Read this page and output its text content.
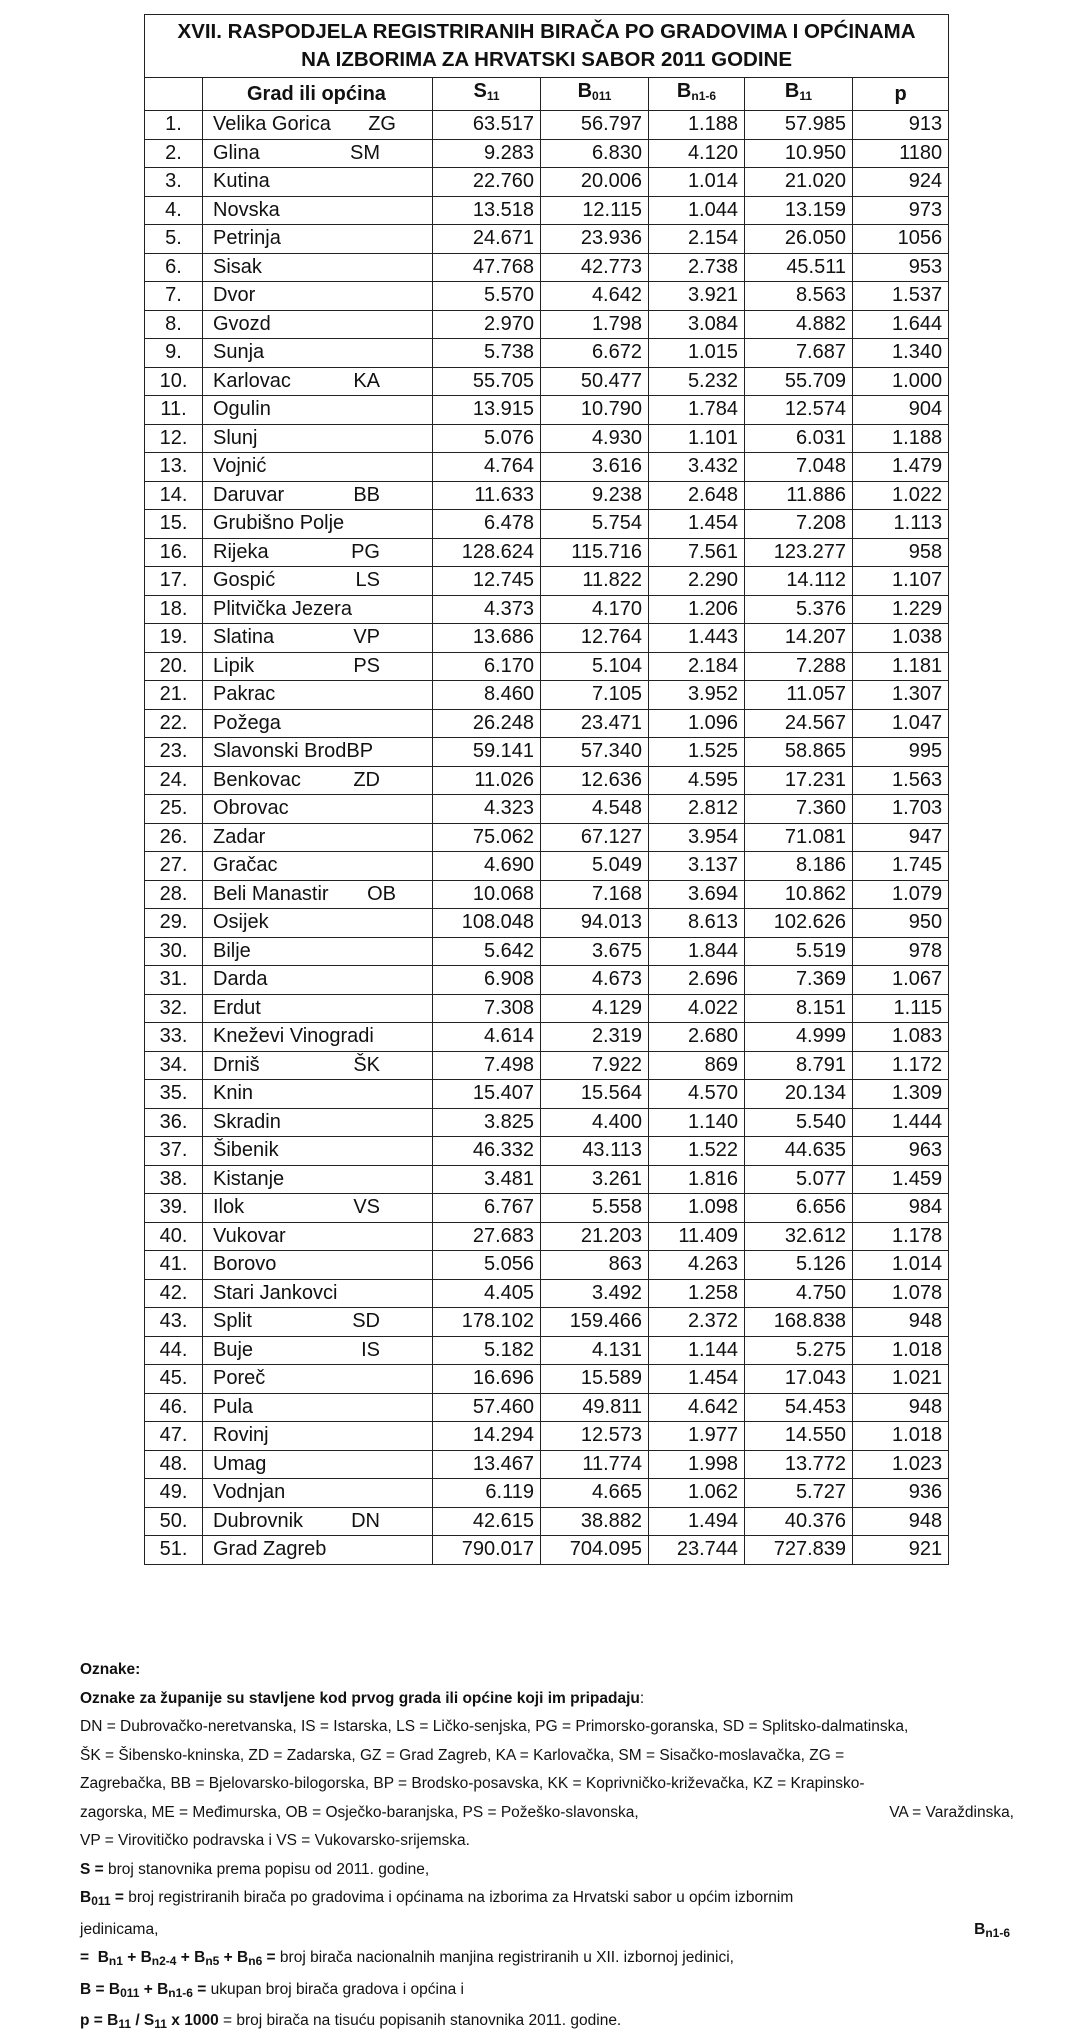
XVII. RASPODJELA REGISTRIRANIH BIRAČA PO GRADOVIMA I OPĆINAMA
NA IZBORIMA ZA HRVATSKI SABOR 2011 GODINE						
	Grad ili općina	$S_{11}$	$B_{011}$	$B_{n1-6}$	$B_{11}$	p
1.	Velika Gorica ZG	63.517	56.797	1.188	57.985	913
2.	Glina SM	9.283	6.830	4.120	10.950	1180
3.	Kutina	22.760	20.006	1.014	21.020	924
4.	Novska	13.518	12.115	1.044	13.159	973
5.	Petrinja	24.671	23.936	2.154	26.050	1056
6.	Sisak	47.768	42.773	2.738	45.511	953
7.	Dvor	5.570	4.642	3.921	8.563	1.537
8.	Gvozd	2.970	1.798	3.084	4.882	1.644
9.	Sunja	5.738	6.672	1.015	7.687	1.340
10.	Karlovac KA	55.705	50.477	5.232	55.709	1.000
11.	Ogulin	13.915	10.790	1.784	12.574	904
12.	Slunj	5.076	4.930	1.101	6.031	1.188
13.	Vojnić	4.764	3.616	3.432	7.048	1.479
14.	Daruvar BB	11.633	9.238	2.648	11.886	1.022
15.	Grubišno Polje	6.478	5.754	1.454	7.208	1.113
16.	Rijeka PG	128.624	115.716	7.561	123.277	958
17.	Gospić LS	12.745	11.822	2.290	14.112	1.107
18.	Plitvička Jezera	4.373	4.170	1.206	5.376	1.229
19.	Slatina VP	13.686	12.764	1.443	14.207	1.038
20.	Lipik PS	6.170	5.104	2.184	7.288	1.181
21.	Pakrac	8.460	7.105	3.952	11.057	1.307
22.	Požega	26.248	23.471	1.096	24.567	1.047
23.	Slavonski BrodBP	59.141	57.340	1.525	58.865	995
24.	Benkovac ZD	11.026	12.636	4.595	17.231	1.563
25.	Obrovac	4.323	4.548	2.812	7.360	1.703
26.	Zadar	75.062	67.127	3.954	71.081	947
27.	Gračac	4.690	5.049	3.137	8.186	1.745
28.	Beli Manastir OB	10.068	7.168	3.694	10.862	1.079
29.	Osijek	108.048	94.013	8.613	102.626	950
30.	Bilje	5.642	3.675	1.844	5.519	978
31.	Darda	6.908	4.673	2.696	7.369	1.067
32.	Erdut	7.308	4.129	4.022	8.151	1.115
33.	Kneževi Vinogradi	4.614	2.319	2.680	4.999	1.083
34.	Drniš ŠK	7.498	7.922	869	8.791	1.172
35.	Knin	15.407	15.564	4.570	20.134	1.309
36.	Skradin	3.825	4.400	1.140	5.540	1.444
37.	Šibenik	46.332	43.113	1.522	44.635	963
38.	Kistanje	3.481	3.261	1.816	5.077	1.459
39.	Ilok VS	6.767	5.558	1.098	6.656	984
40.	Vukovar	27.683	21.203	11.409	32.612	1.178
41.	Borovo	5.056	863	4.263	5.126	1.014
42.	Stari Jankovci	4.405	3.492	1.258	4.750	1.078
43.	Split SD	178.102	159.466	2.372	168.838	948
44.	Buje IS	5.182	4.131	1.144	5.275	1.018
45.	Poreč	16.696	15.589	1.454	17.043	1.021
46.	Pula	57.460	49.811	4.642	54.453	948
47.	Rovinj	14.294	12.573	1.977	14.550	1.018
48.	Umag	13.467	11.774	1.998	13.772	1.023
49.	Vodnjan	6.119	4.665	1.062	5.727	936
50.	Dubrovnik DN	42.615	38.882	1.494	40.376	948
51.	Grad Zagreb	790.017	704.095	23.744	727.839	921

Oznake:

Oznake za županije su stavljene kod prvog grada ili općine koji im pripadaju:

DN = Dubrovačko-neretvanska, IS = Istarska, LS = Ličko-senjska, PG = Primorsko-goranska, SD = Splitsko-dalmatinska,

ŠK = Šibensko-kninska, ZD = Zadarska, GZ = Grad Zagreb, KA = Karlovačka, SM = Sisačko-moslavačka, ZG =

Zagrebačka, BB = Bjelovarsko-bilogorska, BP = Brodsko-posavska, KK = Koprivničko-križevačka, KZ = Krapinsko-

zagorska, ME = Međimurska, OB = Osječko-baranjska, PS = Požeško-slavonska,	VA = Varaždinska,

VP = Virovitičko podravska i VS = Vukovarsko-srijemska.

S = broj stanovnika prema popisu od 2011. godine,

$B_{011}$ = broj registriranih birača po gradovima i općinama na izborima za Hrvatski sabor u općim izbornim

jedinicama,	$B_{n1-6}$

= $B_{n1} + B_{n2-4} + B_{n5} + B_{n6}$ = broj birača nacionalnih manjina registriranih u XII. izbornoj jedinici,

$B = B_{011} + B_{n1-6}$ = ukupan broj birača gradova i općina i

$p = B_{11} / S_{11}$ x 1000 = broj birača na tisuću popisanih stanovnika 2011. godine.
